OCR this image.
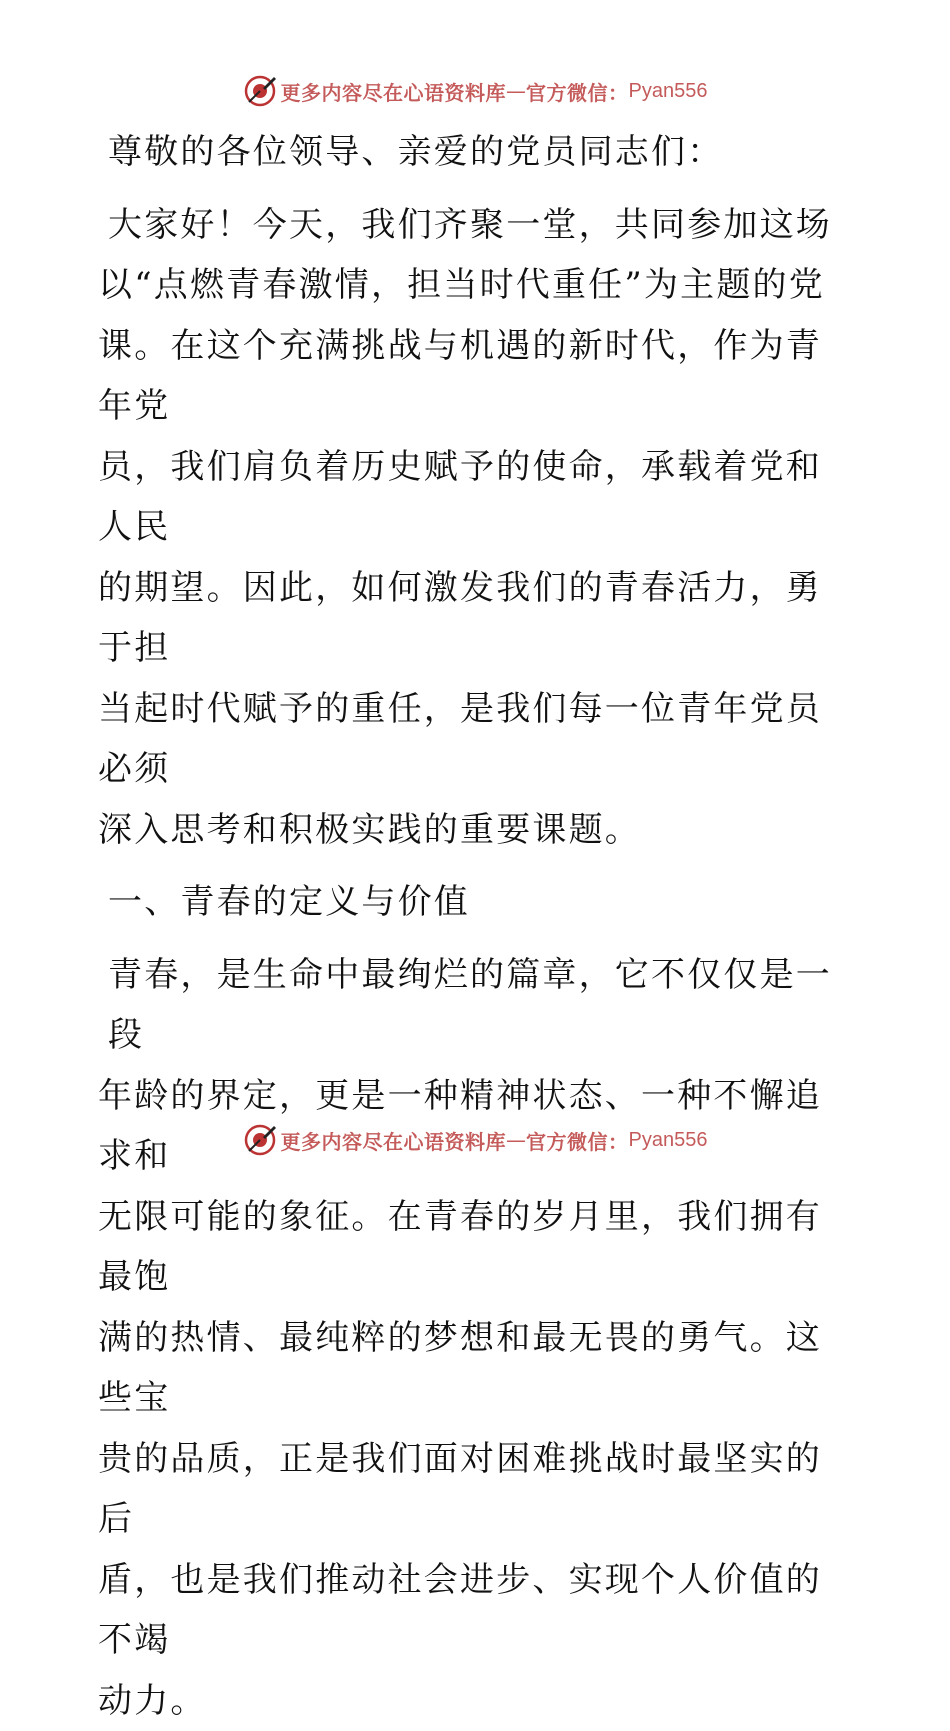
更多内容尽在心语资料库 — 官方微信： Pyan556

尊敬的各位领导、亲爱的党员同志们：

大家好！今天，我们齐聚一堂，共同参加这场

以“点燃青春激情，担当时代重任”为主题的党

课。在这个充满挑战与机遇的新时代，作为青年党

员，我们肩负着历史赋予的使命，承载着党和人民

的期望。因此，如何激发我们的青春活力，勇于担

当起时代赋予的重任，是我们每一位青年党员必须

深入思考和积极实践的重要课题。

一、青春的定义与价值

青春，是生命中最绚烂的篇章，它不仅仅是一段

年龄的界定，更是一种精神状态、一种不懈追求和

无限可能的象征。在青春的岁月里，我们拥有最饱

满的热情、最纯粹的梦想和最无畏的勇气。这些宝

贵的品质，正是我们面对困难挑战时最坚实的后

盾，也是我们推动社会进步、实现个人价值的不竭

动力。

更多内容尽在心语资料库 — 官方微信： Pyan556
